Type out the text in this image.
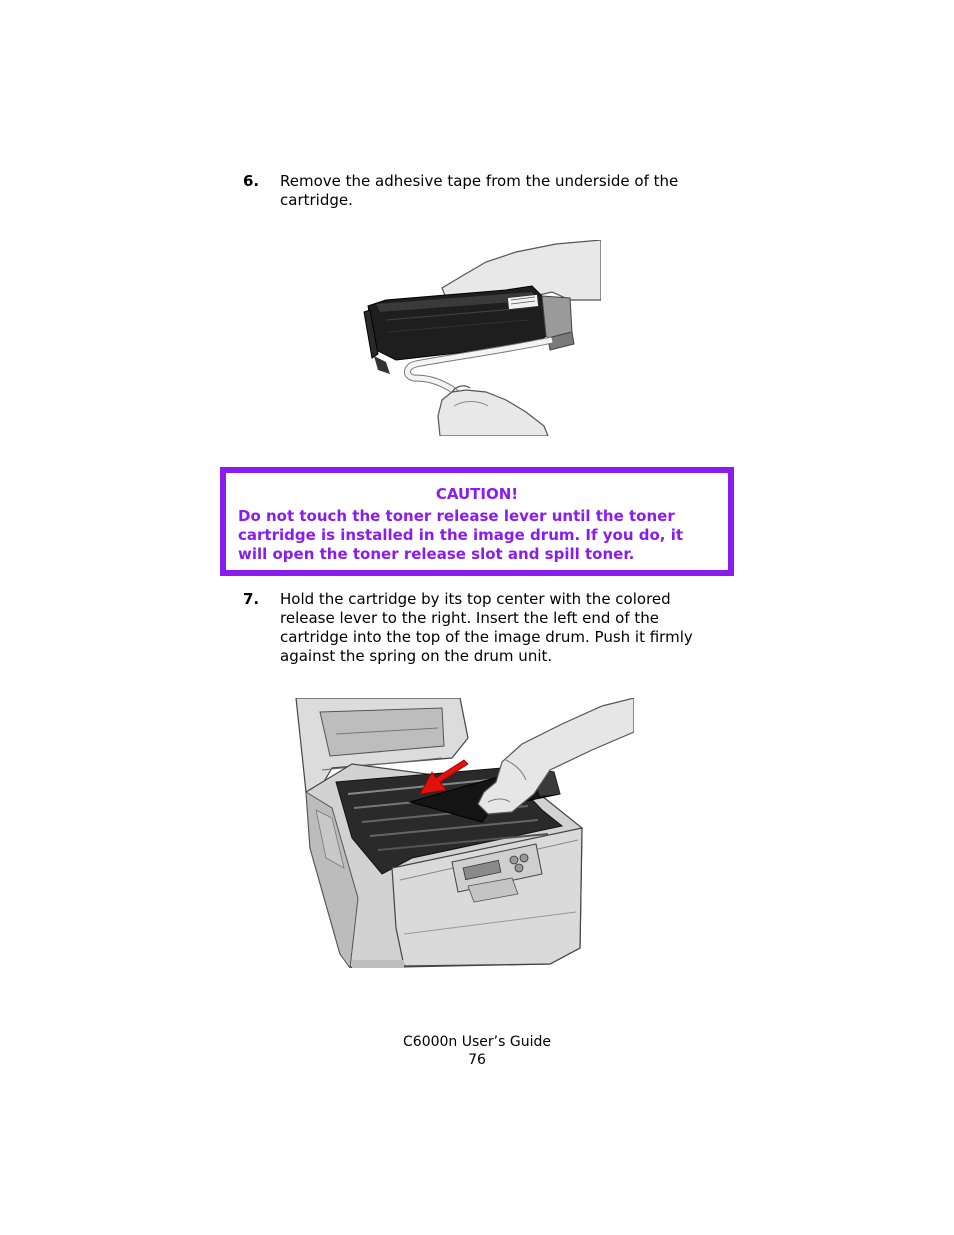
6. Remove the adhesive tape from the underside of the cartridge.
CAUTION!
Do not touch the toner release lever until the toner cartridge is installed in the image drum. If you do, it will open the toner release slot and spill toner.
7. Hold the cartridge by its top center with the colored release lever to the right. Insert the left end of the cartridge into the top of the image drum. Push it firmly against the spring on the drum unit.
C6000n User’s Guide
76
